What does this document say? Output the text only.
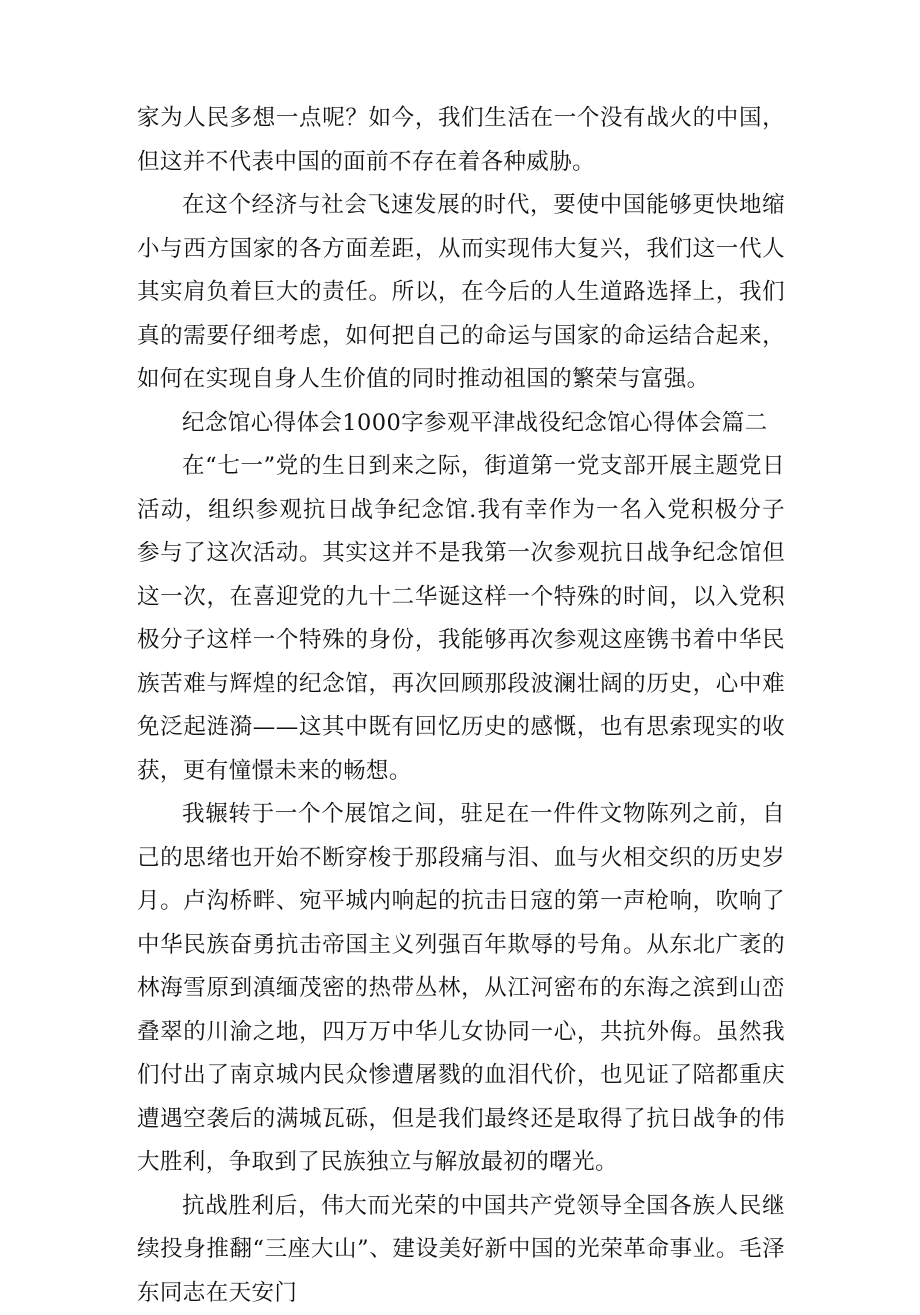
家为人民多想一点呢？如今，我们生活在一个没有战火的中国，但这并不代表中国的面前不存在着各种威胁。

在这个经济与社会飞速发展的时代，要使中国能够更快地缩小与西方国家的各方面差距，从而实现伟大复兴，我们这一代人其实肩负着巨大的责任。所以，在今后的人生道路选择上，我们真的需要仔细考虑，如何把自己的命运与国家的命运结合起来，如何在实现自身人生价值的同时推动祖国的繁荣与富强。

纪念馆心得体会1000字参观平津战役纪念馆心得体会篇二

在“七一”党的生日到来之际，街道第一党支部开展主题党日活动，组织参观抗日战争纪念馆.我有幸作为一名入党积极分子参与了这次活动。其实这并不是我第一次参观抗日战争纪念馆但这一次，在喜迎党的九十二华诞这样一个特殊的时间，以入党积极分子这样一个特殊的身份，我能够再次参观这座镌书着中华民族苦难与辉煌的纪念馆，再次回顾那段波澜壮阔的历史，心中难免泛起涟漪——这其中既有回忆历史的感慨，也有思索现实的收获，更有憧憬未来的畅想。

我辗转于一个个展馆之间，驻足在一件件文物陈列之前，自己的思绪也开始不断穿梭于那段痛与泪、血与火相交织的历史岁月。卢沟桥畔、宛平城内响起的抗击日寇的第一声枪响，吹响了中华民族奋勇抗击帝国主义列强百年欺辱的号角。从东北广袤的林海雪原到滇缅茂密的热带丛林，从江河密布的东海之滨到山峦叠翠的川渝之地，四万万中华儿女协同一心，共抗外侮。虽然我们付出了南京城内民众惨遭屠戮的血泪代价，也见证了陪都重庆遭遇空袭后的满城瓦砾，但是我们最终还是取得了抗日战争的伟大胜利，争取到了民族独立与解放最初的曙光。

抗战胜利后，伟大而光荣的中国共产党领导全国各族人民继续投身推翻“三座大山”、建设美好新中国的光荣革命事业。毛泽东同志在天安门
